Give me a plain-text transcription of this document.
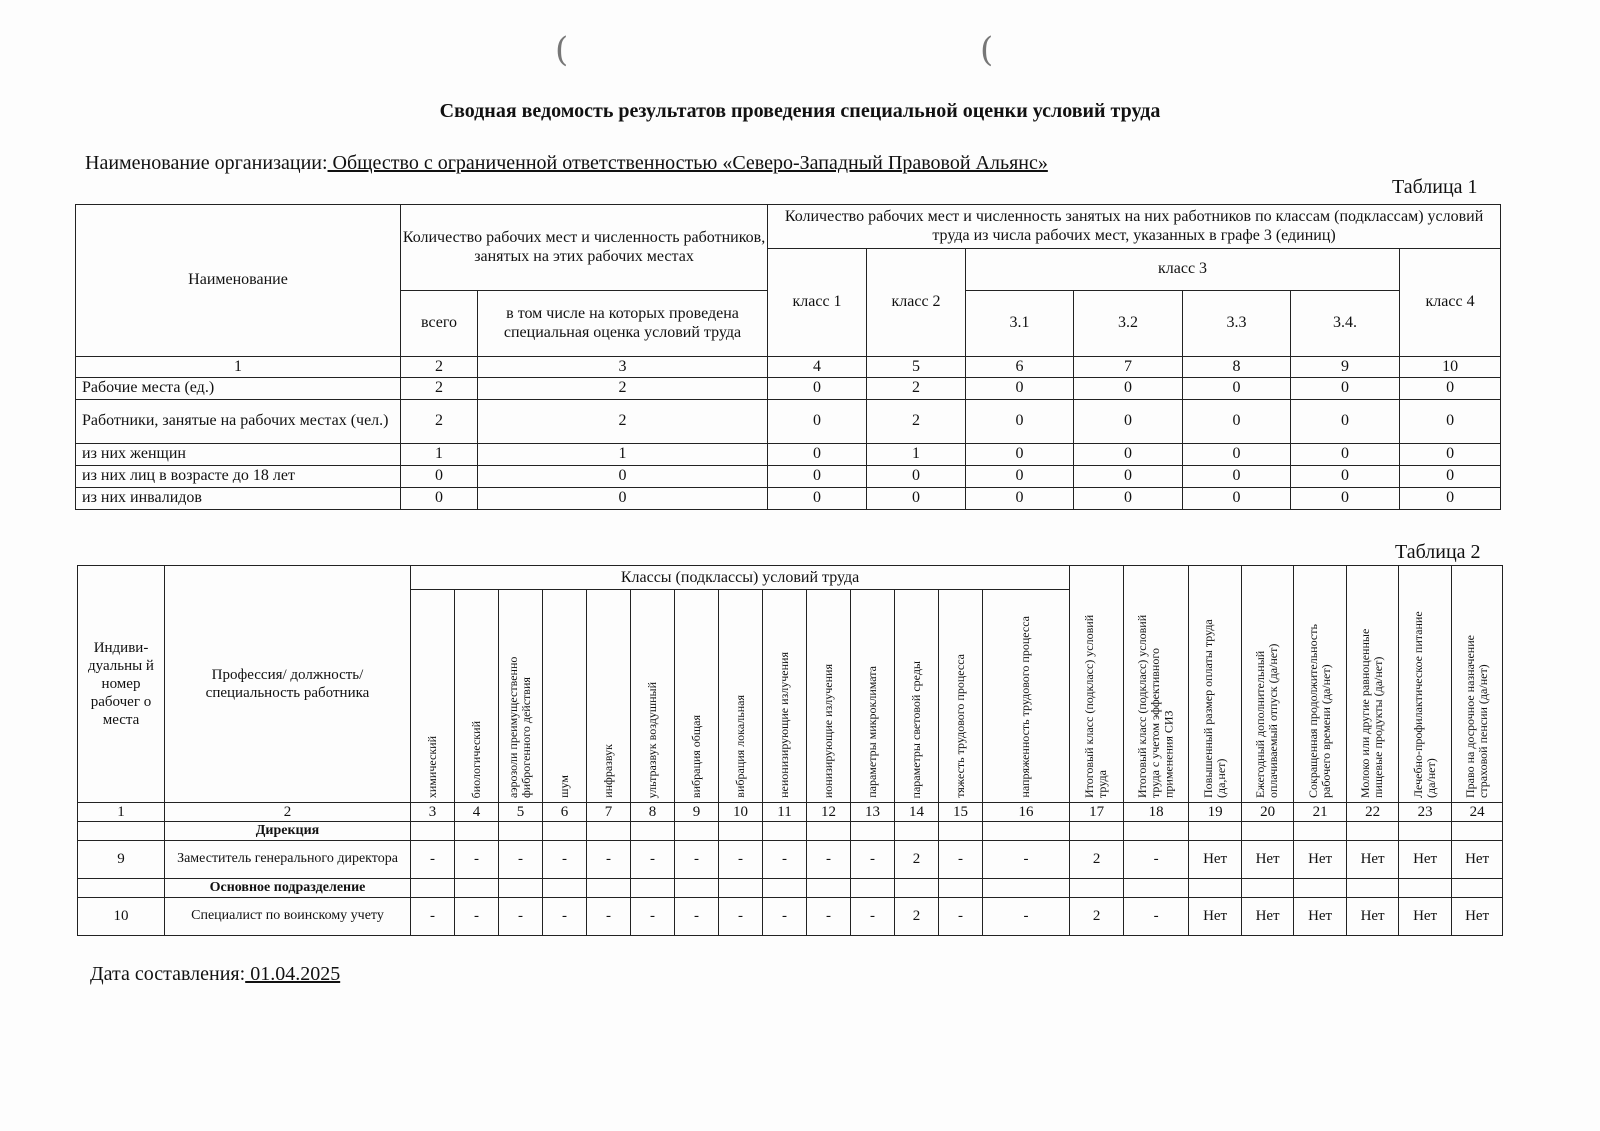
(	(
Сводная ведомость результатов проведения специальной оценки условий труда
Наименование организации: Общество с ограниченной ответственностью «Северо-Западный Правовой Альянс»
Таблица 1
Наименование	Количество рабочих мест и численность работников, занятых на этих рабочих местах		Количество рабочих мест и численность занятых на них работников по классам (подклассам) условий труда из числа рабочих мест, указанных в графе 3 (единиц)						
			класс 1	класс 2	класс 3				класс 4
	всего	в том числе на которых проведена специальная оценка условий труда			3.1	3.2	3.3	3.4.	
1	2	3	4	5	6	7	8	9	10
Рабочие места (ед.)	2	2	0	2	0	0	0	0	0
Работники, занятые на рабочих местах (чел.)	2	2	0	2	0	0	0	0	0
из них женщин	1	1	0	1	0	0	0	0	0
из них лиц в возрасте до 18 лет	0	0	0	0	0	0	0	0	0
из них инвалидов	0	0	0	0	0	0	0	0	0
Таблица 2
Индиви-дуальны й номер рабочег о места	Профессия/ должность/ специальность работника	Классы (подклассы) условий труда														Итоговый класс (подкласс) условий труда	Итоговый класс (подкласс) условий труда с учетом эффективного применения СИЗ	Повышенный размер оплаты труда (да,нет)	Ежегодный дополнительный оплачиваемый отпуск (да/нет)	Сокращенная продолжительность рабочего времени (да/нет)	Молоко или другие равноценные пищевые продукты (да/нет)	Лечебно-профилактическое питание (да/нет)	Право на досрочное назначение страховой пенсии (да/нет)

		химический	биологический	аэрозоли преимущественно фиброгенного действия	шум	инфразвук	ультразвук воздушный	вибрация общая	вибрация локальная	неионизирующие излучения	ионизирующие излучения	параметры микроклимата	параметры световой среды	тяжесть трудового процесса	напряженность трудового процесса								

1	2	3	4	5	6	7	8	9	10	11	12	13	14	15	16	17	18	19	20	21	22	23	24
	Дирекция																						
9	Заместитель генерального директора	-	-	-	-	-	-	-	-	-	-	-	2	-	-	2	-	Нет	Нет	Нет	Нет	Нет	Нет
	Основное подразделение																						
10	Специалист по воинскому учету	-	-	-	-	-	-	-	-	-	-	-	2	-	-	2	-	Нет	Нет	Нет	Нет	Нет	Нет
Дата составления: 01.04.2025
